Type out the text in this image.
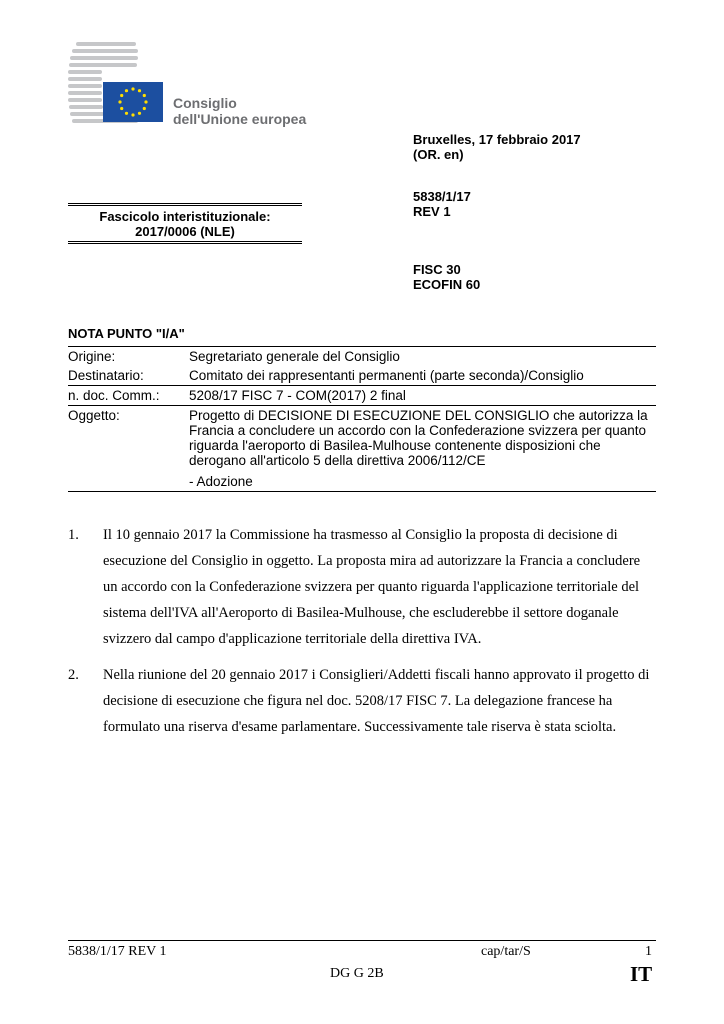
Consiglio
dell'Unione europea
Bruxelles, 17 febbraio 2017
(OR. en)
5838/1/17
REV 1
FISC 30
ECOFIN 60
Fascicolo interistituzionale:
2017/0006 (NLE)
NOTA PUNTO "I/A"
Origine:	Segretariato generale del Consiglio
Destinatario:	Comitato dei rappresentanti permanenti (parte seconda)/Consiglio
n. doc. Comm.:	5208/17 FISC 7 - COM(2017) 2 final
Oggetto:	Progetto di DECISIONE DI ESECUZIONE DEL CONSIGLIO che autorizza la Francia a concludere un accordo con la Confederazione svizzera per quanto riguarda l'aeroporto di Basilea-Mulhouse contenente disposizioni che derogano all'articolo 5 della direttiva 2006/112/CE
- Adozione
1. Il 10 gennaio 2017 la Commissione ha trasmesso al Consiglio la proposta di decisione di esecuzione del Consiglio in oggetto. La proposta mira ad autorizzare la Francia a concludere un accordo con la Confederazione svizzera per quanto riguarda l'applicazione territoriale del sistema dell'IVA all'Aeroporto di Basilea-Mulhouse, che escluderebbe il settore doganale svizzero dal campo d'applicazione territoriale della direttiva IVA.
2. Nella riunione del 20 gennaio 2017 i Consiglieri/Addetti fiscali hanno approvato il progetto di decisione di esecuzione che figura nel doc. 5208/17 FISC 7. La delegazione francese ha formulato una riserva d'esame parlamentare. Successivamente tale riserva è stata sciolta.
5838/1/17 REV 1	cap/tar/S	1
DG G 2B	IT
